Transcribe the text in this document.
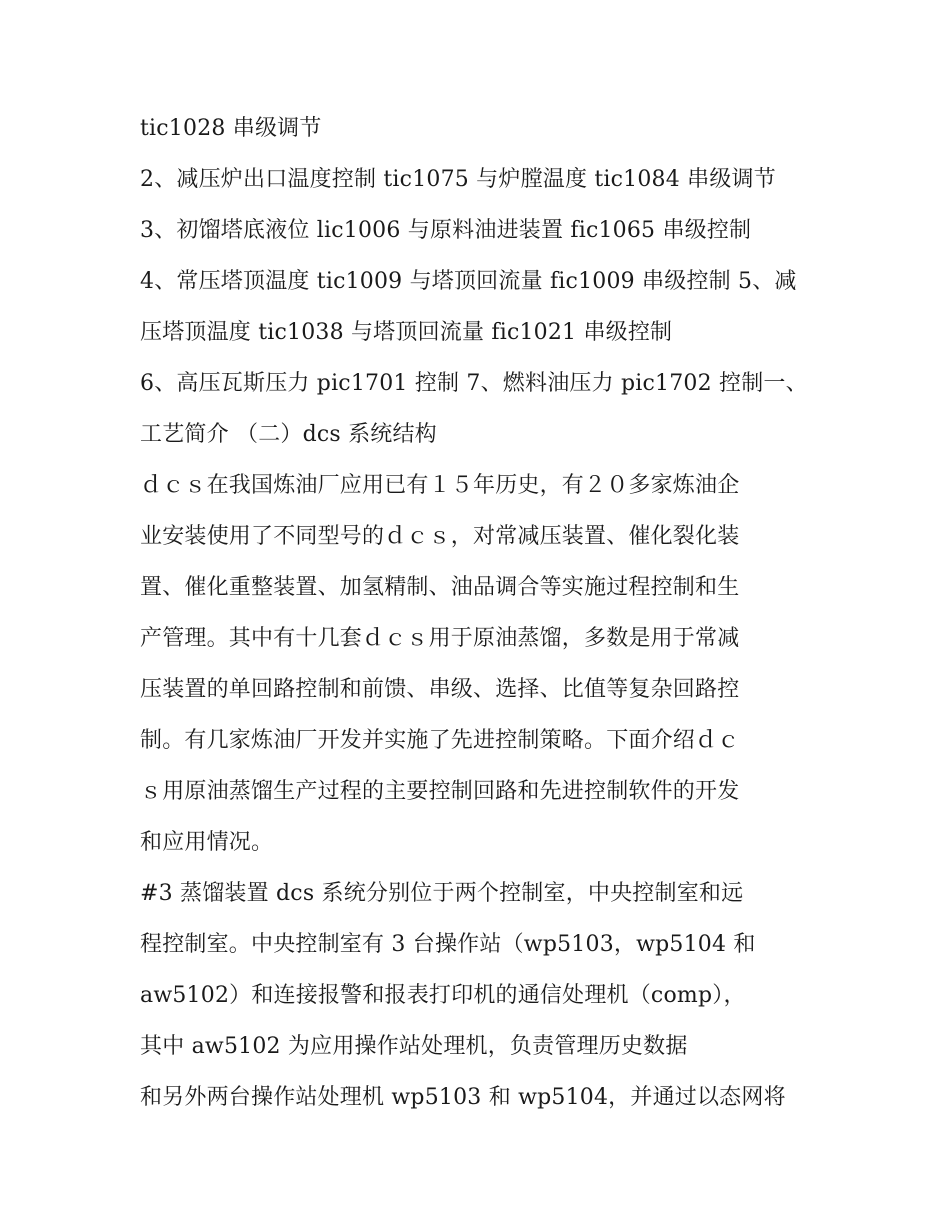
tic1028 串级调节
2、减压炉出口温度控制 tic1075 与炉膛温度 tic1084 串级调节
3、初馏塔底液位 lic1006 与原料油进装置 fic1065 串级控制
4、常压塔顶温度 tic1009 与塔顶回流量 fic1009 串级控制 5、减
压塔顶温度 tic1038 与塔顶回流量 fic1021 串级控制
6、高压瓦斯压力 pic1701 控制 7、燃料油压力 pic1702 控制一、
工艺简介 （二）dcs 系统结构
ｄｃｓ在我国炼油厂应用已有１５年历史，有２０多家炼油企
业安装使用了不同型号的ｄｃｓ，对常减压装置、催化裂化装
置、催化重整装置、加氢精制、油品调合等实施过程控制和生
产管理。其中有十几套ｄｃｓ用于原油蒸馏，多数是用于常减
压装置的单回路控制和前馈、串级、选择、比值等复杂回路控
制。有几家炼油厂开发并实施了先进控制策略。下面介绍ｄｃ
ｓ用原油蒸馏生产过程的主要控制回路和先进控制软件的开发
和应用情况。
#3 蒸馏装置 dcs 系统分别位于两个控制室，中央控制室和远
程控制室。中央控制室有 3 台操作站（wp5103，wp5104 和
aw5102）和连接报警和报表打印机的通信处理机（comp），
其中 aw5102 为应用操作站处理机，负责管理历史数据
和另外两台操作站处理机 wp5103 和 wp5104，并通过以态网将
